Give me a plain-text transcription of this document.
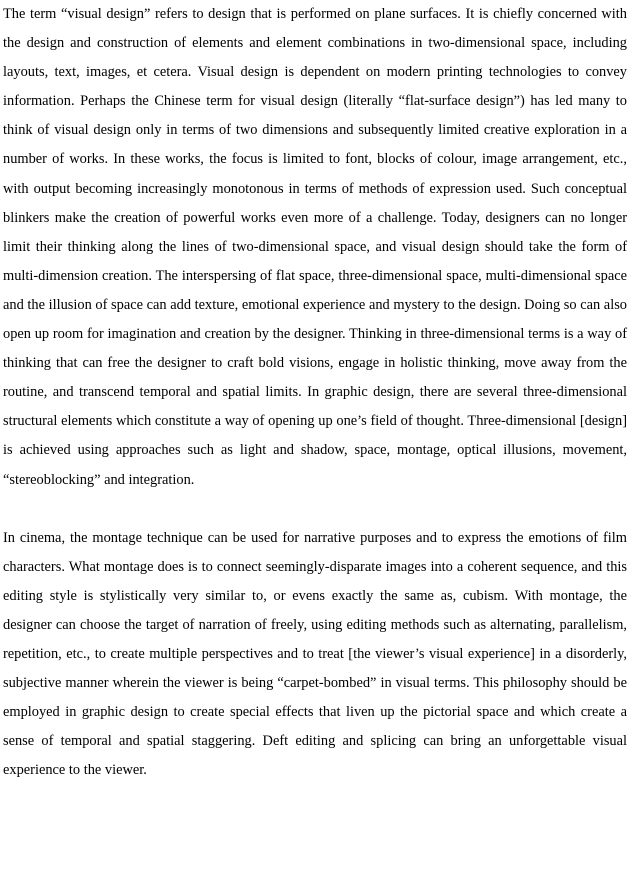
The term “visual design” refers to design that is performed on plane surfaces. It is chiefly concerned with the design and construction of elements and element combinations in two-dimensional space, including layouts, text, images, et cetera. Visual design is dependent on modern printing technologies to convey information. Perhaps the Chinese term for visual design (literally “flat-surface design”) has led many to think of visual design only in terms of two dimensions and subsequently limited creative exploration in a number of works. In these works, the focus is limited to font, blocks of colour, image arrangement, etc., with output becoming increasingly monotonous in terms of methods of expression used. Such conceptual blinkers make the creation of powerful works even more of a challenge. Today, designers can no longer limit their thinking along the lines of two-dimensional space, and visual design should take the form of multi-dimension creation. The interspersing of flat space, three-dimensional space, multi-dimensional space and the illusion of space can add texture, emotional experience and mystery to the design. Doing so can also open up room for imagination and creation by the designer. Thinking in three-dimensional terms is a way of thinking that can free the designer to craft bold visions, engage in holistic thinking, move away from the routine, and transcend temporal and spatial limits. In graphic design, there are several three-dimensional structural elements which constitute a way of opening up one’s field of thought. Three-dimensional [design] is achieved using approaches such as light and shadow, space, montage, optical illusions, movement, “stereoblocking” and integration.

In cinema, the montage technique can be used for narrative purposes and to express the emotions of film characters. What montage does is to connect seemingly-disparate images into a coherent sequence, and this editing style is stylistically very similar to, or evens exactly the same as, cubism. With montage, the designer can choose the target of narration of freely, using editing methods such as alternating, parallelism, repetition, etc., to create multiple perspectives and to treat [the viewer’s visual experience] in a disorderly, subjective manner wherein the viewer is being “carpet-bombed” in visual terms. This philosophy should be employed in graphic design to create special effects that liven up the pictorial space and which create a sense of temporal and spatial staggering. Deft editing and splicing can bring an unforgettable visual experience to the viewer.
